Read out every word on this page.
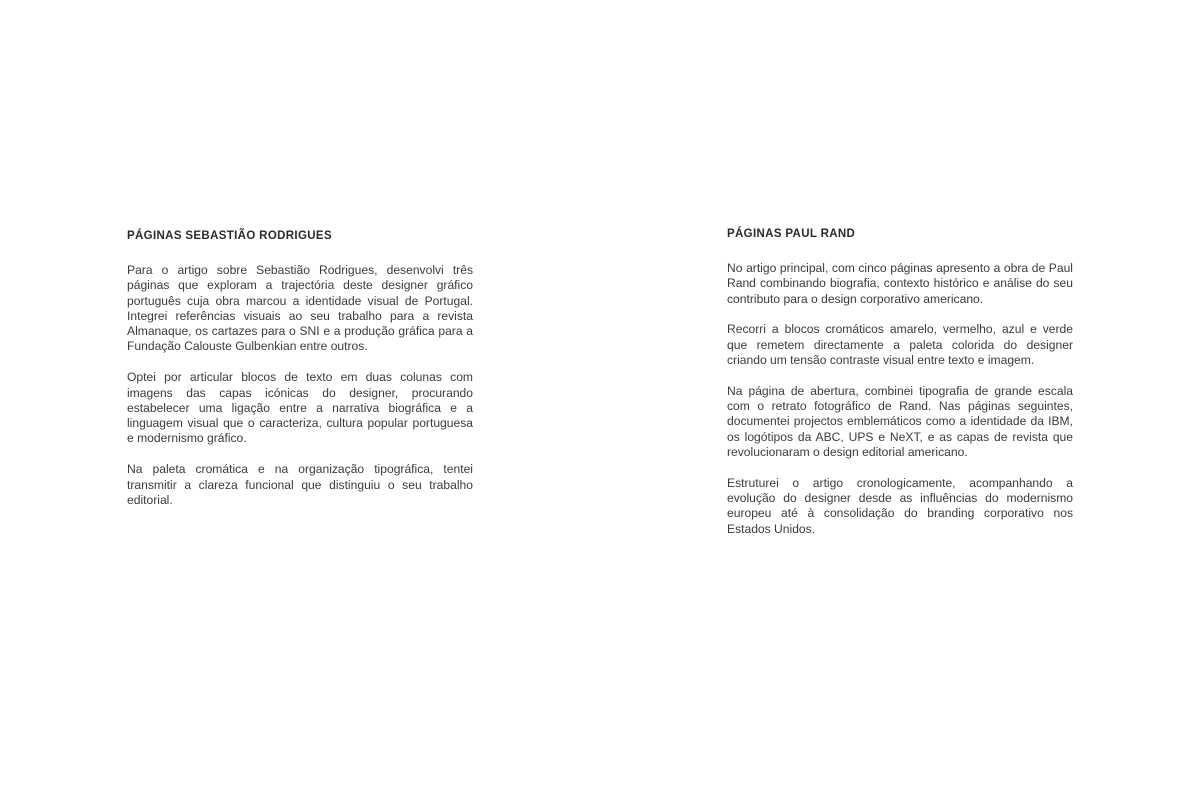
PÁGINAS SEBASTIÃO RODRIGUES

Para o artigo sobre Sebastião Rodrigues, desenvolvi três páginas que exploram a trajectória deste designer gráfico português cuja obra marcou a identidade visual de Portugal. Integrei referências visuais ao seu trabalho para a revista Almanaque, os cartazes para o SNI e a produção gráfica para a Fundação Calouste Gulbenkian entre outros.

Optei por articular blocos de texto em duas colunas com imagens das capas icónicas do designer, procurando estabelecer uma ligação entre a narrativa biográfica e a linguagem visual que o caracteriza, cultura popular portuguesa e modernismo gráfico.

Na paleta cromática e na organização tipográfica, tentei transmitir a clareza funcional que distinguiu o seu trabalho editorial.

PÁGINAS PAUL RAND

No artigo principal, com cinco páginas apresento a obra de Paul Rand combinando biografia, contexto histórico e análise do seu contributo para o design corporativo americano.

Recorri a blocos cromáticos amarelo, vermelho, azul e verde que remetem directamente a paleta colorida do designer criando um tensão contraste visual entre texto e imagem.

Na página de abertura, combinei tipografia de grande escala com o retrato fotográfico de Rand. Nas páginas seguintes, documentei projectos emblemáticos como a identidade da IBM, os logótipos da ABC, UPS e NeXT, e as capas de revista que revolucionaram o design editorial americano.

Estruturei o artigo cronologicamente, acompanhando a evolução do designer desde as influências do modernismo europeu até à consolidação do branding corporativo nos Estados Unidos.
